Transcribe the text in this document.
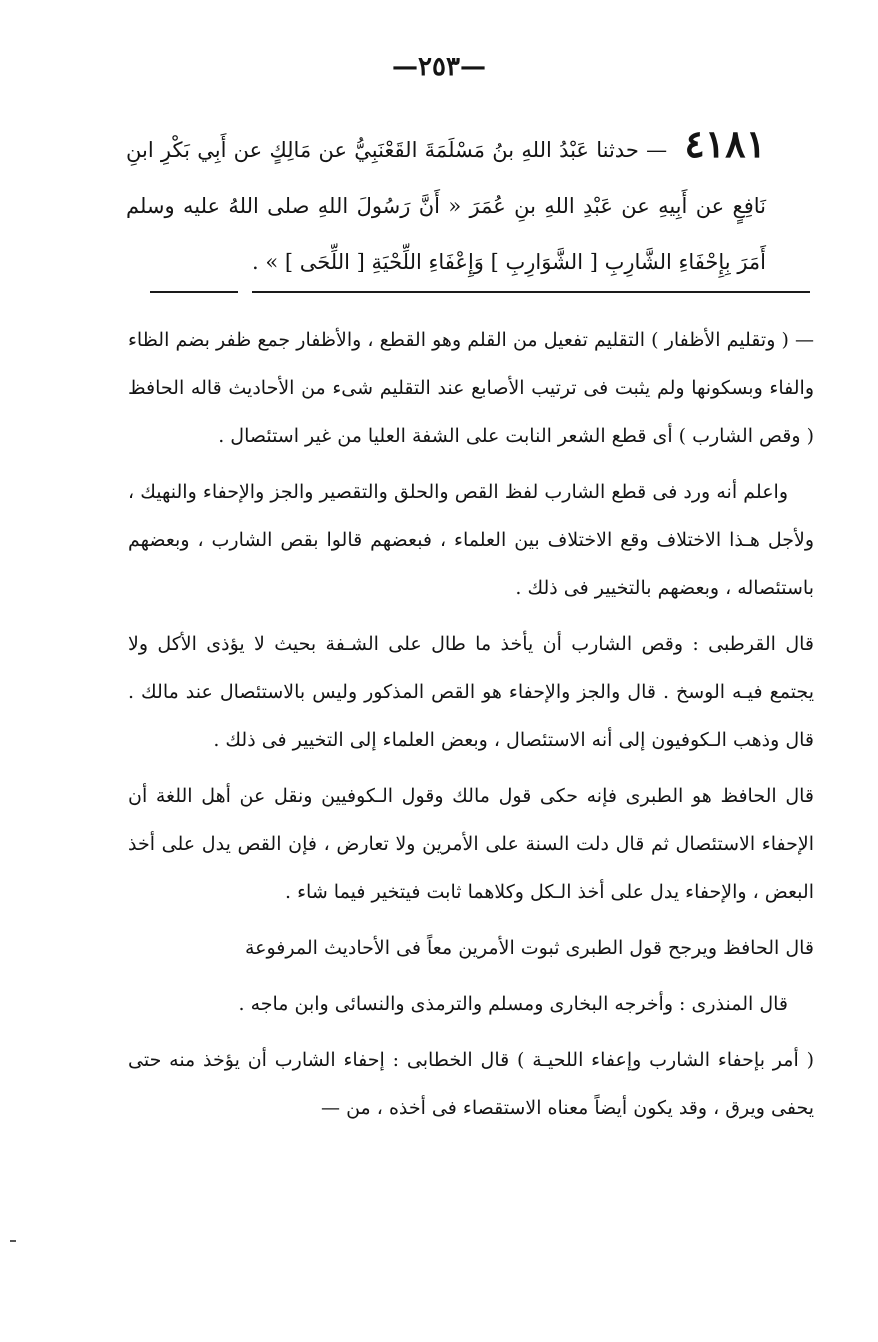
—٢٥٣—
٤١٨١ — حدثنا عَبْدُ اللهِ بنُ مَسْلَمَةَ القَعْنَبِيُّ عن مَالِكٍ عن أَبِي بَكْرِ ابنِ نَافِعٍ عن أَبِيهِ عن عَبْدِ اللهِ بنِ عُمَرَ « أَنَّ رَسُولَ اللهِ صلى اللهُ عليه وسلم أَمَرَ بِإِحْفَاءِ الشَّارِبِ [ الشَّوَارِبِ ] وَإِعْفَاءِ اللِّحْيَةِ [ اللِّحَى ] » .

— ( وتقليم الأظفار ) التقليم تفعيل من القلم وهو القطع ، والأظفار جمع ظفر بضم الظاء والفاء وبسكونها ولم يثبت فى ترتيب الأصابع عند التقليم شىء من الأحاديث قاله الحافظ ( وقص الشارب ) أى قطع الشعر النابت على الشفة العليا من غير استئصال .

واعلم أنه ورد فى قطع الشارب لفظ القص والحلق والتقصير والجز والإحفاء والنهيك ، ولأجل هـذا الاختلاف وقع الاختلاف بين العلماء ، فبعضهم قالوا بقص الشارب ، وبعضهم باستئصاله ، وبعضهم بالتخيير فى ذلك .

قال القرطبى : وقص الشارب أن يأخذ ما طال على الشـفة بحيث لا يؤذى الأكل ولا يجتمع فيـه الوسخ . قال والجز والإحفاء هو القص المذكور وليس بالاستئصال عند مالك . قال وذهب الـكوفيون إلى أنه الاستئصال ، وبعض العلماء إلى التخيير فى ذلك .

قال الحافظ هو الطبرى فإنه حكى قول مالك وقول الـكوفيين ونقل عن أهل اللغة أن الإحفاء الاستئصال ثم قال دلت السنة على الأمرين ولا تعارض ، فإن القص يدل على أخذ البعض ، والإحفاء يدل على أخذ الـكل وكلاهما ثابت فيتخير فيما شاء .

قال الحافظ ويرجح قول الطبرى ثبوت الأمرين معاً فى الأحاديث المرفوعة

قال المنذرى : وأخرجه البخارى ومسلم والترمذى والنسائى وابن ماجه .

( أمر بإحفاء الشارب وإعفاء اللحيـة ) قال الخطابى : إحفاء الشارب أن يؤخذ منه حتى يحفى ويرق ، وقد يكون أيضاً معناه الاستقصاء فى أخذه ، من —
